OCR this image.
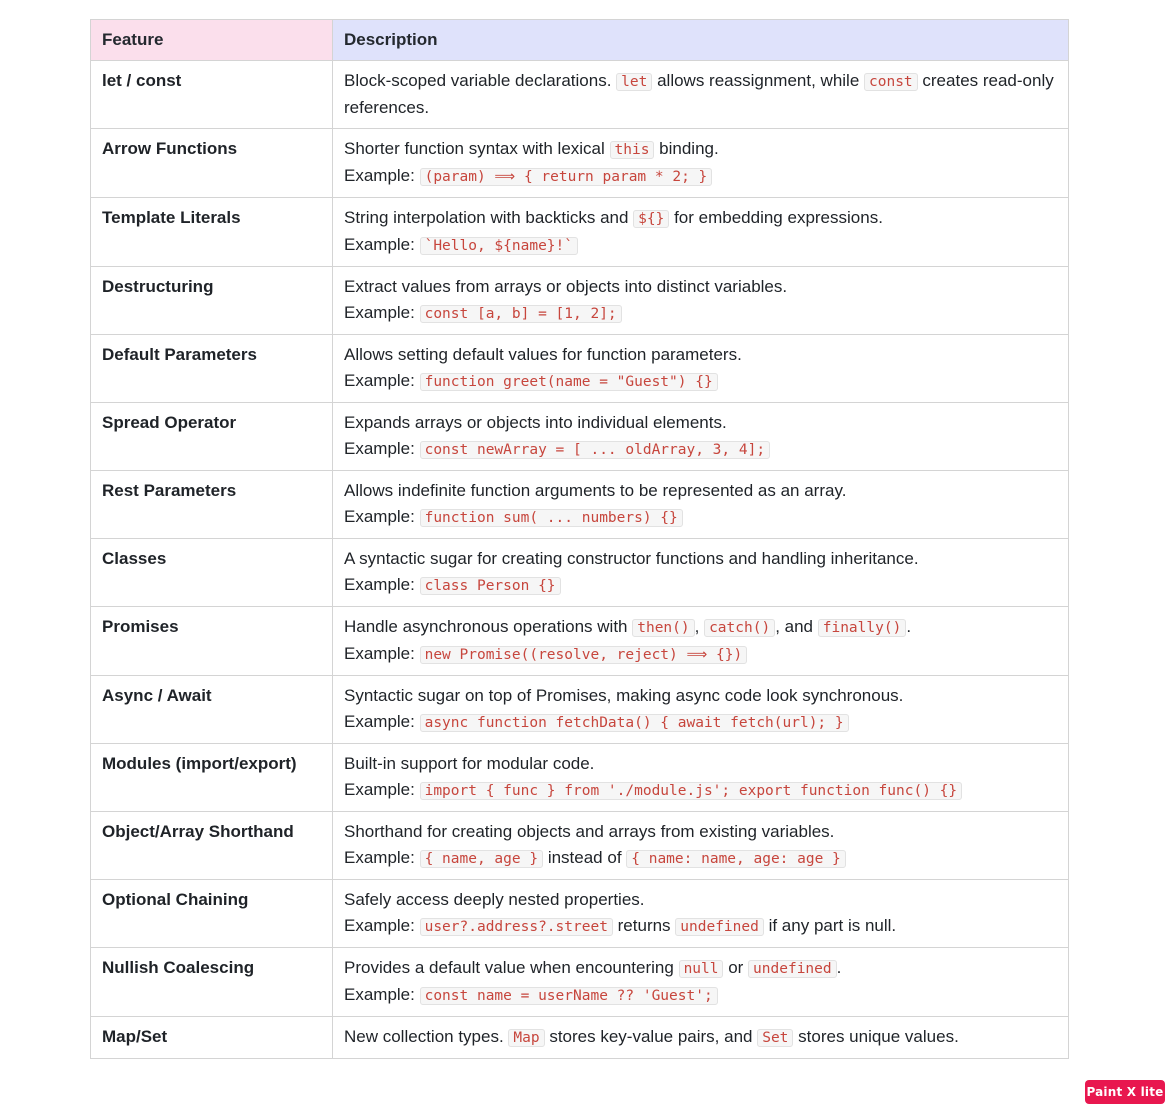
Feature	Description
let / const	Block-scoped variable declarations. let allows reassignment, while const creates read-only references.

Arrow Functions	Shorter function syntax with lexical this binding.
Example: (param) ⟹ { return param * 2; }

Template Literals	String interpolation with backticks and ${} for embedding expressions.
Example: `Hello, ${name}!`

Destructuring	Extract values from arrays or objects into distinct variables.
Example: const [a, b] = [1, 2];

Default Parameters	Allows setting default values for function parameters.
Example: function greet(name = "Guest") {}

Spread Operator	Expands arrays or objects into individual elements.
Example: const newArray = [ ... oldArray, 3, 4];

Rest Parameters	Allows indefinite function arguments to be represented as an array.
Example: function sum( ... numbers) {}

Classes	A syntactic sugar for creating constructor functions and handling inheritance.
Example: class Person {}

Promises	Handle asynchronous operations with then() , catch() , and finally() .
Example: new Promise((resolve, reject) ⟹ {})

Async / Await	Syntactic sugar on top of Promises, making async code look synchronous.
Example: async function fetchData() { await fetch(url); }

Modules (import/export)	Built-in support for modular code.
Example: import { func } from './module.js'; export function func() {}

Object/Array Shorthand	Shorthand for creating objects and arrays from existing variables.
Example: { name, age } instead of { name: name, age: age }

Optional Chaining	Safely access deeply nested properties.
Example: user?.address?.street returns undefined if any part is null.

Nullish Coalescing	Provides a default value when encountering null or undefined .
Example: const name = userName ?? 'Guest';

Map/Set	New collection types. Map stores key-value pairs, and Set stores unique values.
Paint X lite
